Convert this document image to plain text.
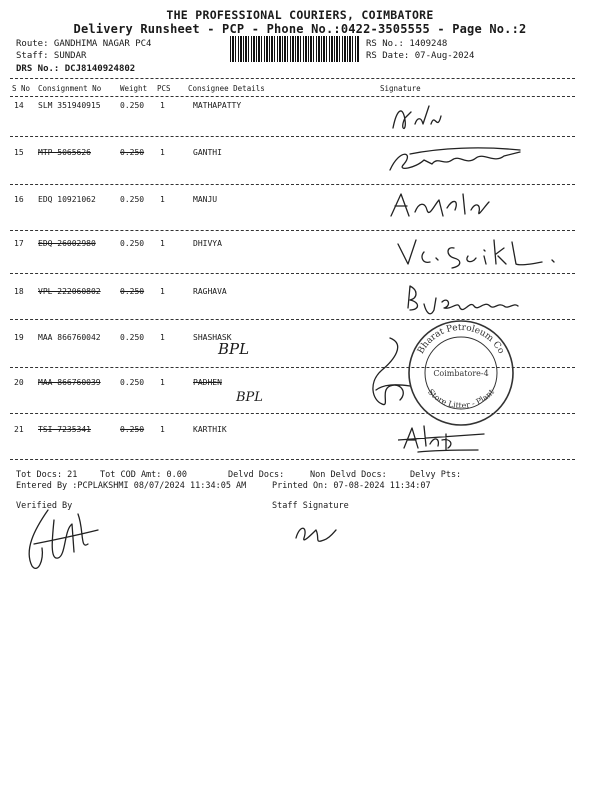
THE PROFESSIONAL COURIERS, COIMBATORE
Delivery Runsheet - PCP - Phone No.:0422-3505555 - Page No.:2
Route: GANDHIMA NAGAR PC4
Staff: SUNDAR
DRS No.: DCJ8140924802
RS No.: 1409248
RS Date: 07-Aug-2024
S No Consignment No	Weight PCS Consignee Details	Signature
14 SLM 351940915 0.250 1	MATHAPATTY
15 MTP 5065626	0.250 1	GANTHI
16 EDQ 10921062	0.250 1	MANJU
17 EDQ 26002980	0.250 1	DHIVYA
18 VPL 222060802 0.250 1	RAGHAVA
19 MAA 866760042 0.250 1	SHASHASK
BPL
20 MAA 866760039 0.250 1	PADHEN
BPL
21 TSI 7235341	0.250 1	KARTHIK
Bharat Petroleum Co
Coimbatore-4
Store Litter - Plant
Tot Docs: 21	Tot COD Amt: 0.00	Delvd Docs:	Non Delvd Docs:	Delvy Pts:
Entered By :PCPLAKSHMI 08/07/2024 11:34:05 AM	Printed On: 07-08-2024 11:34:07
Verified By	Staff Signature
